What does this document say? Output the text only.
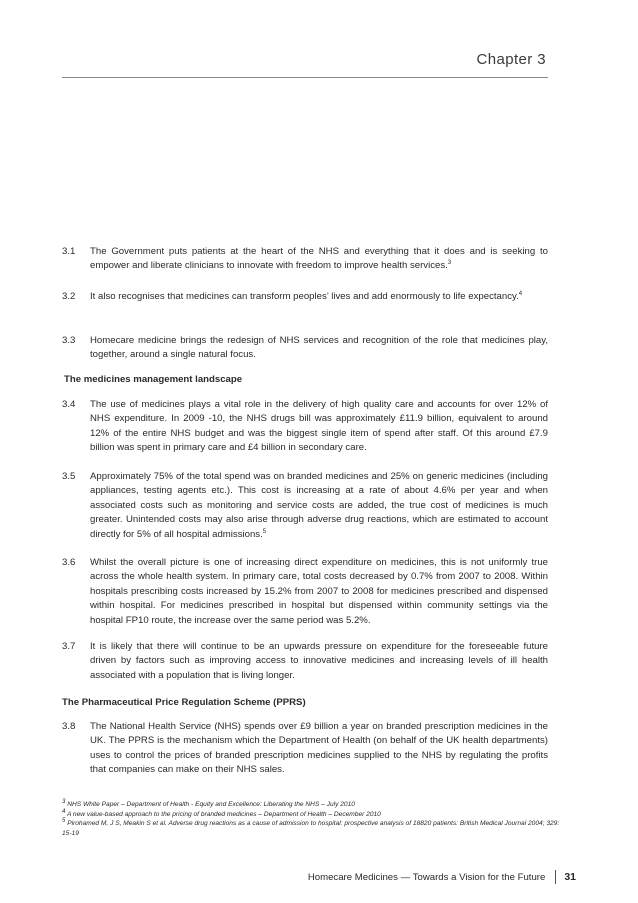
Chapter 3
3.1	The Government puts patients at the heart of the NHS and everything that it does and is seeking to empower and liberate clinicians to innovate with freedom to improve health services.$^3$
3.2	It also recognises that medicines can transform peoples’ lives and add enormously to life expectancy.$^4$
3.3	Homecare medicine brings the redesign of NHS services and recognition of the role that medicines play, together, around a single natural focus.
The medicines management landscape
3.4	The use of medicines plays a vital role in the delivery of high quality care and accounts for over 12% of NHS expenditure. In 2009 -10, the NHS drugs bill was approximately £11.9 billion, equivalent to around 12% of the entire NHS budget and was the biggest single item of spend after staff. Of this around £7.9 billion was spent in primary care and £4 billion in secondary care.
3.5	Approximately 75% of the total spend was on branded medicines and 25% on generic medicines (including appliances, testing agents etc.). This cost is increasing at a rate of about 4.6% per year and when associated costs such as monitoring and service costs are added, the true cost of medicines is much greater. Unintended costs may also arise through adverse drug reactions, which are estimated to account directly for 5% of all hospital admissions.$^5$
3.6	Whilst the overall picture is one of increasing direct expenditure on medicines, this is not uniformly true across the whole health system. In primary care, total costs decreased by 0.7% from 2007 to 2008. Within hospitals prescribing costs increased by 15.2% from 2007 to 2008 for medicines prescribed and dispensed within hospital. For medicines prescribed in hospital but dispensed within community settings via the hospital FP10 route, the increase over the same period was 5.2%.
3.7	It is likely that there will continue to be an upwards pressure on expenditure for the foreseeable future driven by factors such as improving access to innovative medicines and increasing levels of ill health associated with a population that is living longer.
The Pharmaceutical Price Regulation Scheme (PPRS)
3.8	The National Health Service (NHS) spends over £9 billion a year on branded prescription medicines in the UK. The PPRS is the mechanism which the Department of Health (on behalf of the UK health departments) uses to control the prices of branded prescription medicines supplied to the NHS by regulating the profits that companies can make on their NHS sales.
$^3$ NHS White Paper – Department of Health - Equity and Excellence: Liberating the NHS – July 2010
$^4$ A new value-based approach to the pricing of branded medicines – Department of Health – December 2010
$^5$ Pirohamed M, J S, Meakin S et al. Adverse drug reactions as a cause of admission to hospital: prospective analysis of 18820 patients: British Medical Journal 2004; 329: 15-19
Homecare Medicines — Towards a Vision for the Future 31
